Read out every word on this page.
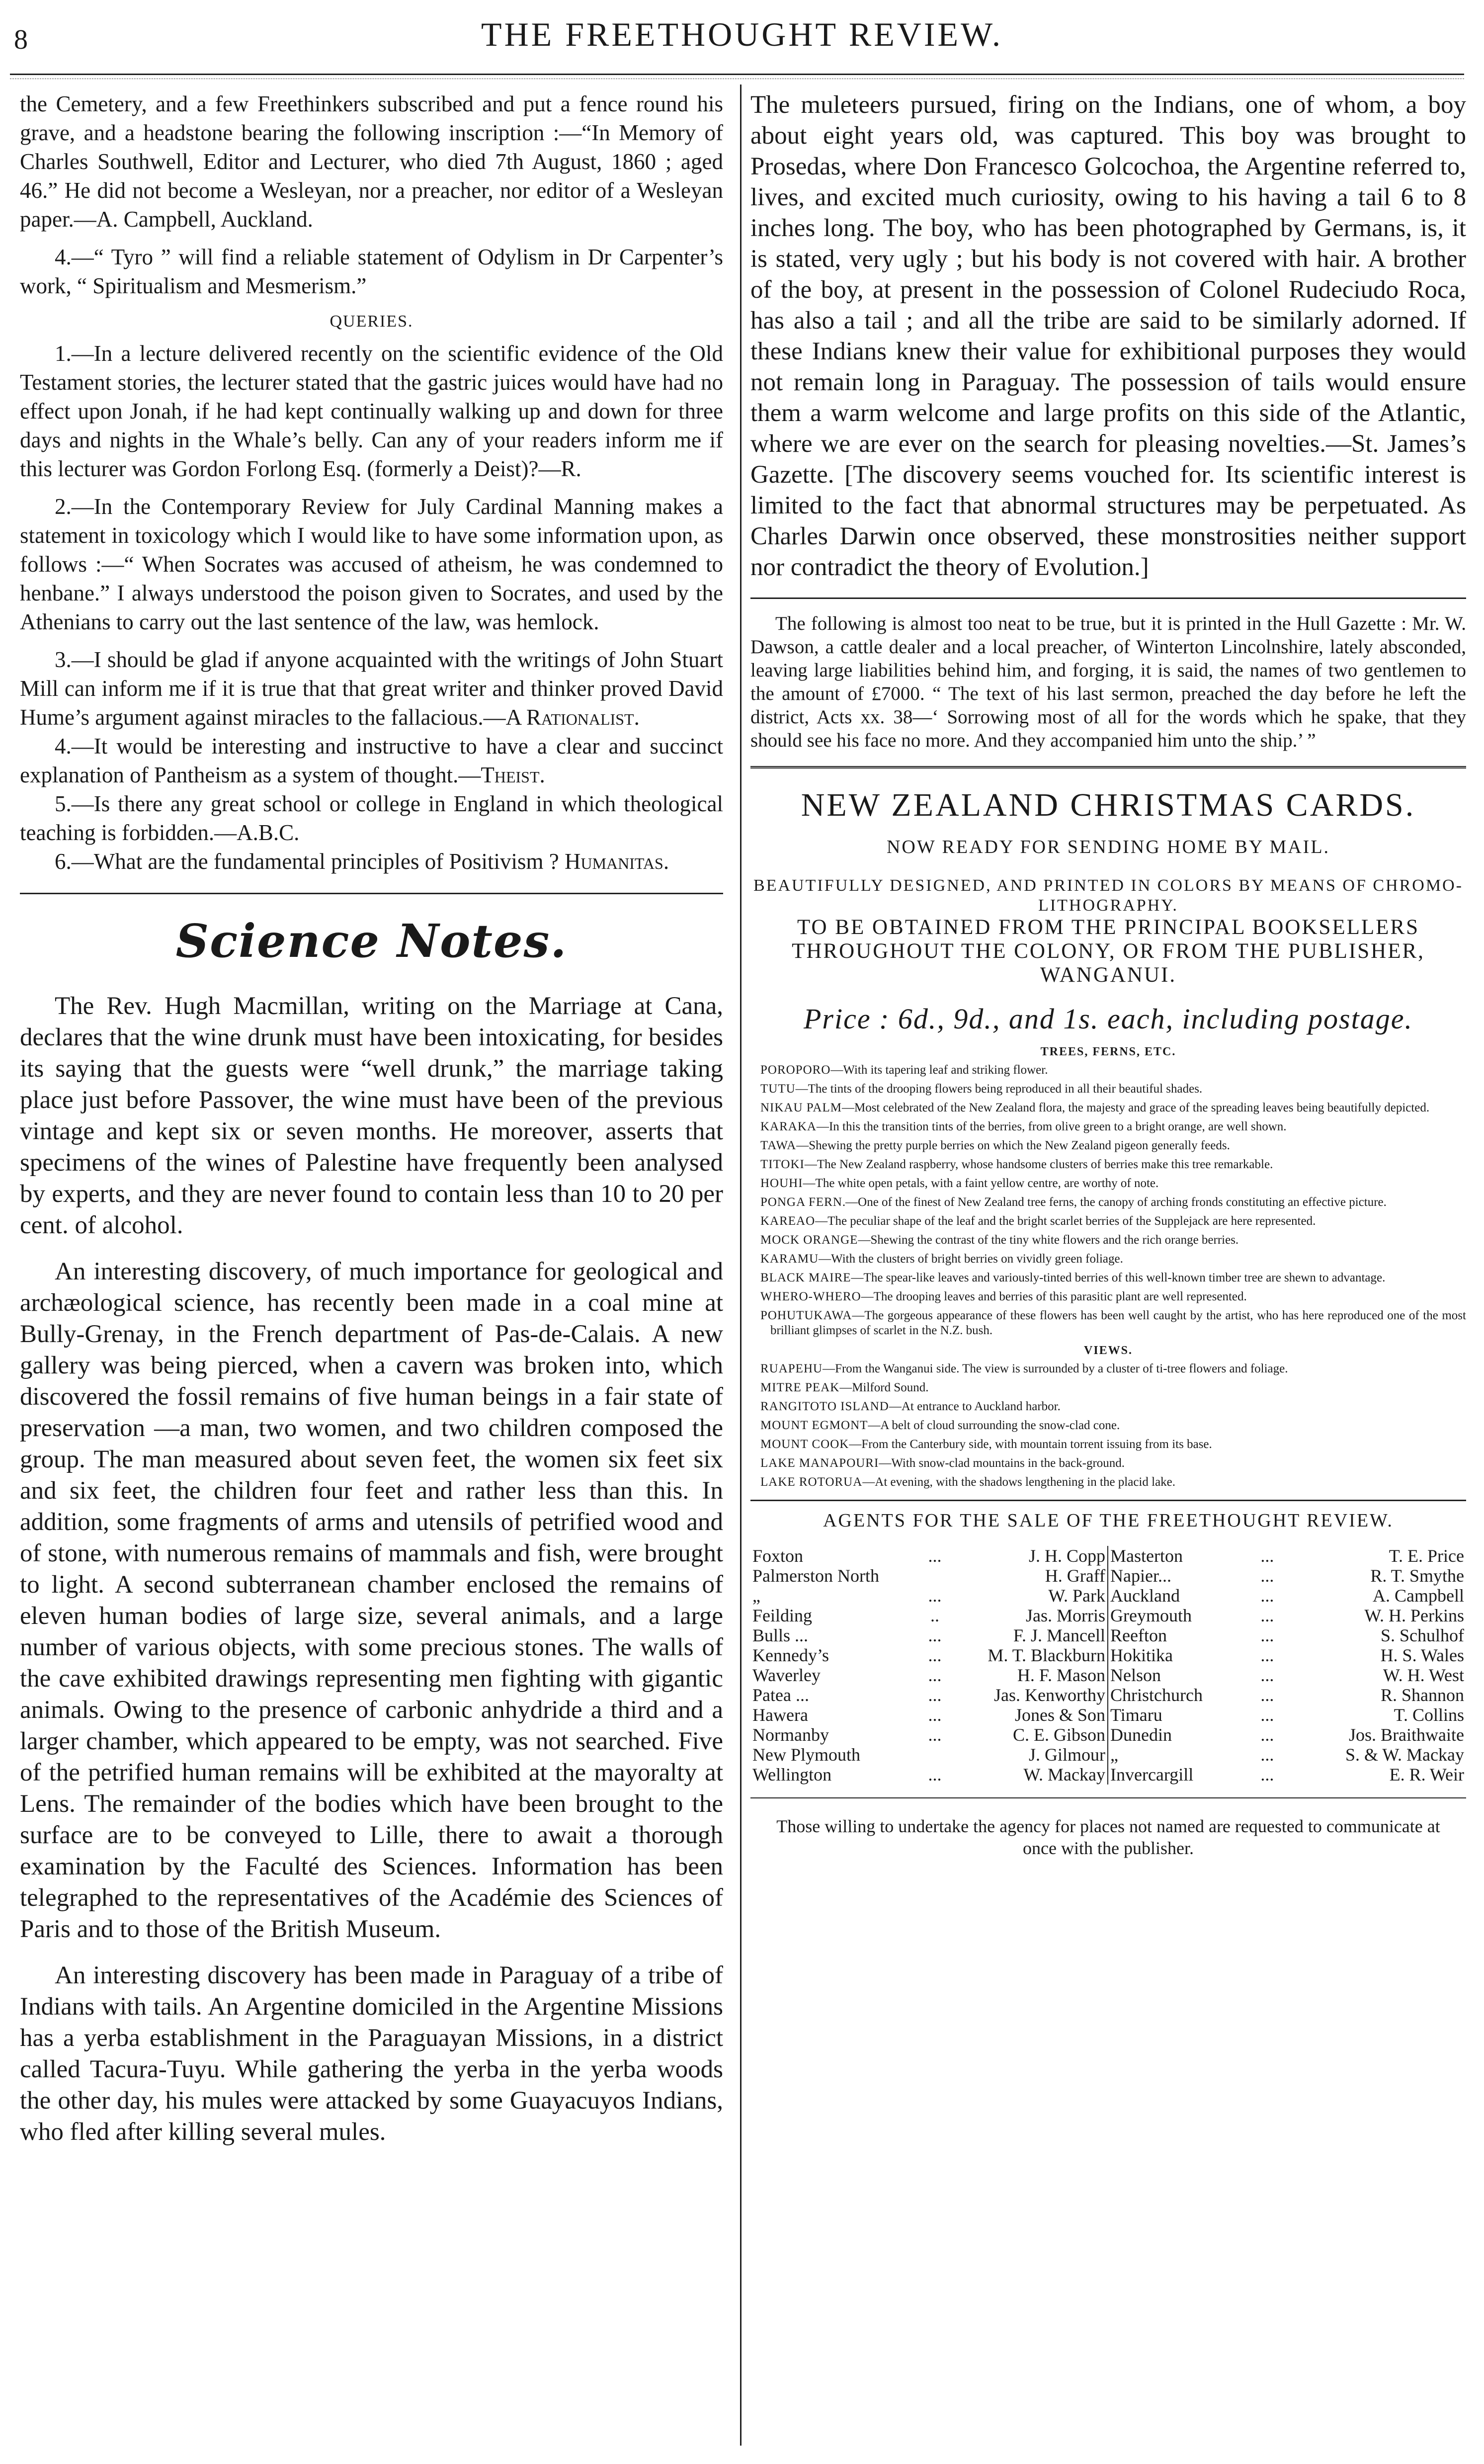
8	THE FREETHOUGHT REVIEW.

the Cemetery, and a few Freethinkers subscribed and put a fence round his grave, and a headstone bearing the following inscription :—“In Memory of Charles Southwell, Editor and Lecturer, who died 7th August, 1860 ; aged 46.” He did not become a Wesleyan, nor a preacher, nor editor of a Wesleyan paper.—A. Campbell, Auckland.

4.—“ Tyro ” will find a reliable statement of Odylism in Dr Carpenter’s work, “ Spiritualism and Mesmerism.”

QUERIES.

1.—In a lecture delivered recently on the scientific evidence of the Old Testament stories, the lecturer stated that the gastric juices would have had no effect upon Jonah, if he had kept continually walking up and down for three days and nights in the Whale’s belly. Can any of your readers inform me if this lecturer was Gordon Forlong Esq. (formerly a Deist)?—R.

2.—In the Contemporary Review for July Cardinal Manning makes a statement in toxicology which I would like to have some information upon, as follows :—“ When Socrates was accused of atheism, he was condemned to henbane.” I always understood the poison given to Socrates, and used by the Athenians to carry out the last sentence of the law, was hemlock.

3.—I should be glad if anyone acquainted with the writings of John Stuart Mill can inform me if it is true that that great writer and thinker proved David Hume’s argument against miracles to the fallacious.—A Rationalist.

4.—It would be interesting and instructive to have a clear and succinct explanation of Pantheism as a system of thought.—Theist.

5.—Is there any great school or college in England in which theological teaching is forbidden.—A.B.C.

6.—What are the fundamental principles of Positivism ? Humanitas.

Science Notes.

The Rev. Hugh Macmillan, writing on the Marriage at Cana, declares that the wine drunk must have been intoxicating, for besides its saying that the guests were “well drunk,” the marriage taking place just before Passover, the wine must have been of the previous vintage and kept six or seven months. He moreover, asserts that specimens of the wines of Palestine have frequently been analysed by experts, and they are never found to contain less than 10 to 20 per cent. of alcohol.

An interesting discovery, of much importance for geological and archæological science, has recently been made in a coal mine at Bully-Grenay, in the French department of Pas-de-Calais. A new gallery was being pierced, when a cavern was broken into, which discovered the fossil remains of five human beings in a fair state of preservation —a man, two women, and two children composed the group. The man measured about seven feet, the women six feet six and six feet, the children four feet and rather less than this. In addition, some fragments of arms and utensils of petrified wood and of stone, with numerous remains of mammals and fish, were brought to light. A second subterranean chamber enclosed the remains of eleven human bodies of large size, several animals, and a large number of various objects, with some precious stones. The walls of the cave exhibited drawings representing men fighting with gigantic animals. Owing to the presence of carbonic anhydride a third and a larger chamber, which appeared to be empty, was not searched. Five of the petrified human remains will be exhibited at the mayoralty at Lens. The remainder of the bodies which have been brought to the surface are to be conveyed to Lille, there to await a thorough examination by the Faculté des Sciences. Information has been telegraphed to the representatives of the Académie des Sciences of Paris and to those of the British Museum.

An interesting discovery has been made in Paraguay of a tribe of Indians with tails. An Argentine domiciled in the Argentine Missions has a yerba establishment in the Paraguayan Missions, in a district called Tacura-Tuyu. While gathering the yerba in the yerba woods the other day, his mules were attacked by some Guayacuyos Indians, who fled after killing several mules.

The muleteers pursued, firing on the Indians, one of whom, a boy about eight years old, was captured. This boy was brought to Prosedas, where Don Francesco Golcochoa, the Argentine referred to, lives, and excited much curiosity, owing to his having a tail 6 to 8 inches long. The boy, who has been photographed by Germans, is, it is stated, very ugly ; but his body is not covered with hair. A brother of the boy, at present in the possession of Colonel Rudeciudo Roca, has also a tail ; and all the tribe are said to be similarly adorned. If these Indians knew their value for exhibitional purposes they would not remain long in Paraguay. The possession of tails would ensure them a warm welcome and large profits on this side of the Atlantic, where we are ever on the search for pleasing novelties.—St. James’s Gazette. [The discovery seems vouched for. Its scientific interest is limited to the fact that abnormal structures may be perpetuated. As Charles Darwin once observed, these monstrosities neither support nor contradict the theory of Evolution.]

The following is almost too neat to be true, but it is printed in the Hull Gazette : Mr. W. Dawson, a cattle dealer and a local preacher, of Winterton Lincolnshire, lately absconded, leaving large liabilities behind him, and forging, it is said, the names of two gentlemen to the amount of £7000. “ The text of his last sermon, preached the day before he left the district, Acts xx. 38—‘ Sorrowing most of all for the words which he spake, that they should see his face no more. And they accompanied him unto the ship.’ ”

NEW ZEALAND CHRISTMAS CARDS.
NOW READY FOR SENDING HOME BY MAIL.
BEAUTIFULLY DESIGNED, AND PRINTED IN COLORS BY MEANS OF CHROMO-LITHOGRAPHY.
TO BE OBTAINED FROM THE PRINCIPAL BOOKSELLERS THROUGHOUT THE COLONY, OR FROM THE PUBLISHER, WANGANUI.
Price : 6d., 9d., and 1s. each, including postage.
TREES, FERNS, ETC.
POROPORO—With its tapering leaf and striking flower.
TUTU—The tints of the drooping flowers being reproduced in all their beautiful shades.
NIKAU PALM—Most celebrated of the New Zealand flora, the majesty and grace of the spreading leaves being beautifully depicted.
KARAKA—In this the transition tints of the berries, from olive green to a bright orange, are well shown.
TAWA—Shewing the pretty purple berries on which the New Zealand pigeon generally feeds.
TITOKI—The New Zealand raspberry, whose handsome clusters of berries make this tree remarkable.
HOUHI—The white open petals, with a faint yellow centre, are worthy of note.
PONGA FERN.—One of the finest of New Zealand tree ferns, the canopy of arching fronds constituting an effective picture.
KAREAO—The peculiar shape of the leaf and the bright scarlet berries of the Supplejack are here represented.
MOCK ORANGE—Shewing the contrast of the tiny white flowers and the rich orange berries.
KARAMU—With the clusters of bright berries on vividly green foliage.
BLACK MAIRE—The spear-like leaves and variously-tinted berries of this well-known timber tree are shewn to advantage.
WHERO-WHERO—The drooping leaves and berries of this parasitic plant are well represented.
POHUTUKAWA—The gorgeous appearance of these flowers has been well caught by the artist, who has here reproduced one of the most brilliant glimpses of scarlet in the N.Z. bush.
VIEWS.
RUAPEHU—From the Wanganui side. The view is surrounded by a cluster of ti-tree flowers and foliage.
MITRE PEAK—Milford Sound.
RANGITOTO ISLAND—At entrance to Auckland harbor.
MOUNT EGMONT—A belt of cloud surrounding the snow-clad cone.
MOUNT COOK—From the Canterbury side, with mountain torrent issuing from its base.
LAKE MANAPOURI—With snow-clad mountains in the back-ground.
LAKE ROTORUA—At evening, with the shadows lengthening in the placid lake.
AGENTS FOR THE SALE OF THE FREETHOUGHT REVIEW.
Foxton	...	J. H. Copp
Palmerston North		H. Graff
„	...	W. Park
Feilding	..	Jas. Morris
Bulls ...	...	F. J. Mancell
Kennedy’s	...	M. T. Blackburn
Waverley	...	H. F. Mason
Patea ...	...	Jas. Kenworthy
Hawera	...	Jones & Son
Normanby	...	C. E. Gibson
New Plymouth		J. Gilmour
Wellington	...	W. Mackay
Masterton	...	T. E. Price
Napier...	...	R. T. Smythe
Auckland	...	A. Campbell
Greymouth	...	W. H. Perkins
Reefton	...	S. Schulhof
Hokitika	...	H. S. Wales
Nelson	...	W. H. West
Christchurch	...	R. Shannon
Timaru	...	T. Collins
Dunedin	...	Jos. Braithwaite
„	...	S. & W. Mackay
Invercargill	...	E. R. Weir
Those willing to undertake the agency for places not named are requested to communicate at once with the publisher.
